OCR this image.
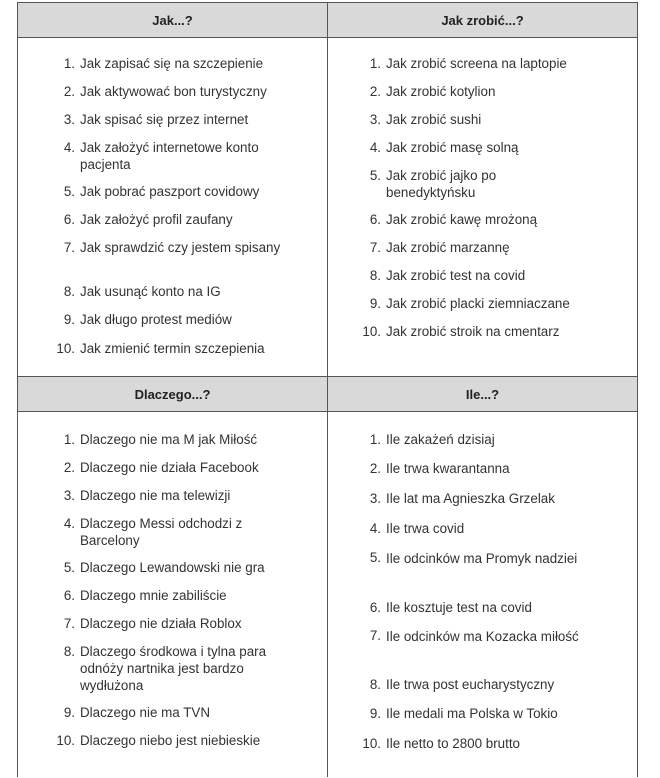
Jak...?	Jak zrobić...?
1. Jak zapisać się na szczepienie
2. Jak aktywować bon turystyczny
3. Jak spisać się przez internet
4. Jak założyć internetowe konto pacjenta
5. Jak pobrać paszport covidowy
6. Jak założyć profil zaufany
7. Jak sprawdzić czy jestem spisany
8. Jak usunąć konto na IG
9. Jak długo protest mediów
10. Jak zmienić termin szczepienia
1. Jak zrobić screena na laptopie
2. Jak zrobić kotylion
3. Jak zrobić sushi
4. Jak zrobić masę solną
5. Jak zrobić jajko po benedyktyńsku
6. Jak zrobić kawę mrożoną
7. Jak zrobić marzannę
8. Jak zrobić test na covid
9. Jak zrobić placki ziemniaczane
10. Jak zrobić stroik na cmentarz
Dlaczego...?	Ile...?
1. Dlaczego nie ma M jak Miłość
2. Dlaczego nie działa Facebook
3. Dlaczego nie ma telewizji
4. Dlaczego Messi odchodzi z Barcelony
5. Dlaczego Lewandowski nie gra
6. Dlaczego mnie zabiliście
7. Dlaczego nie działa Roblox
8. Dlaczego środkowa i tylna para odnóży nartnika jest bardzo wydłużona
9. Dlaczego nie ma TVN
10. Dlaczego niebo jest niebieskie
1. Ile zakażeń dzisiaj
2. Ile trwa kwarantanna
3. Ile lat ma Agnieszka Grzelak
4. Ile trwa covid
5. Ile odcinków ma Promyk nadziei
6. Ile kosztuje test na covid
7. Ile odcinków ma Kozacka miłość
8. Ile trwa post eucharystyczny
9. Ile medali ma Polska w Tokio
10. Ile netto to 2800 brutto
